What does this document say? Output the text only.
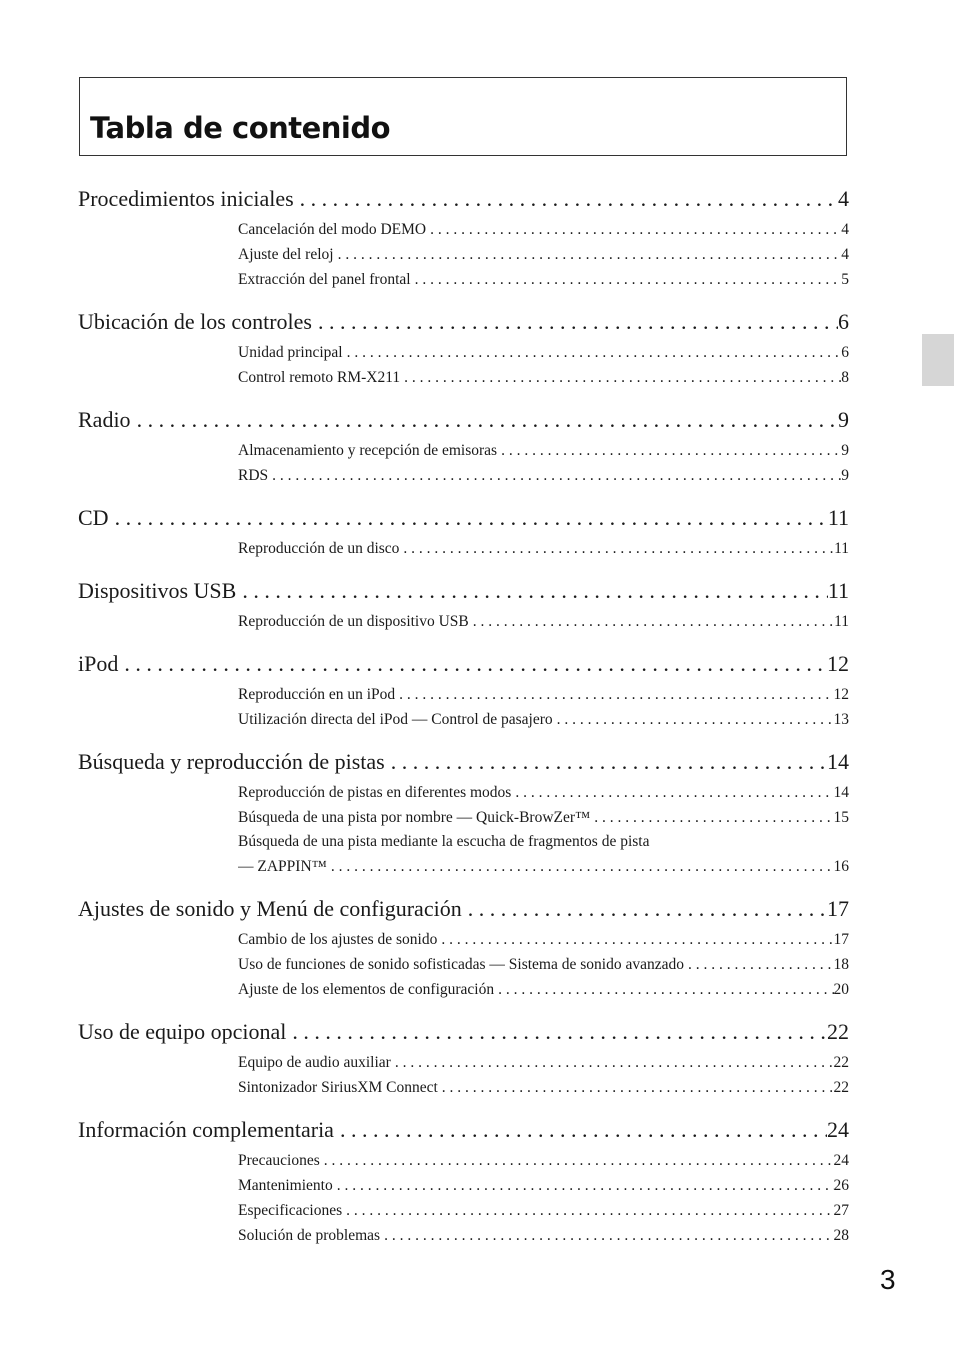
Tabla de contenido
Procedimientos iniciales . . .	4
Cancelación del modo DEMO . . .	4
Ajuste del reloj . . .	4
Extracción del panel frontal . . .	5
Ubicación de los controles . . .	6
Unidad principal . . .	6
Control remoto RM-X211 . . .	8
Radio . . .	9
Almacenamiento y recepción de emisoras . . .	9
RDS . . .	9
CD . . .	11
Reproducción de un disco . . .	11
Dispositivos USB . . .	11
Reproducción de un dispositivo USB . . .	11
iPod . . .	12
Reproducción en un iPod . . .	12
Utilización directa del iPod — Control de pasajero . . .	13
Búsqueda y reproducción de pistas . . .	14
Reproducción de pistas en diferentes modos . . .	14
Búsqueda de una pista por nombre — Quick-BrowZer™ . . .	15
Búsqueda de una pista mediante la escucha de fragmentos de pista
— ZAPPIN™ . . .	16
Ajustes de sonido y Menú de configuración . . .	17
Cambio de los ajustes de sonido . . .	17
Uso de funciones de sonido sofisticadas — Sistema de sonido avanzado . . .	18
Ajuste de los elementos de configuración . . .	20
Uso de equipo opcional . . .	22
Equipo de audio auxiliar . . .	22
Sintonizador SiriusXM Connect . . .	22
Información complementaria . . .	24
Precauciones . . .	24
Mantenimiento . . .	26
Especificaciones . . .	27
Solución de problemas . . .	28
3
